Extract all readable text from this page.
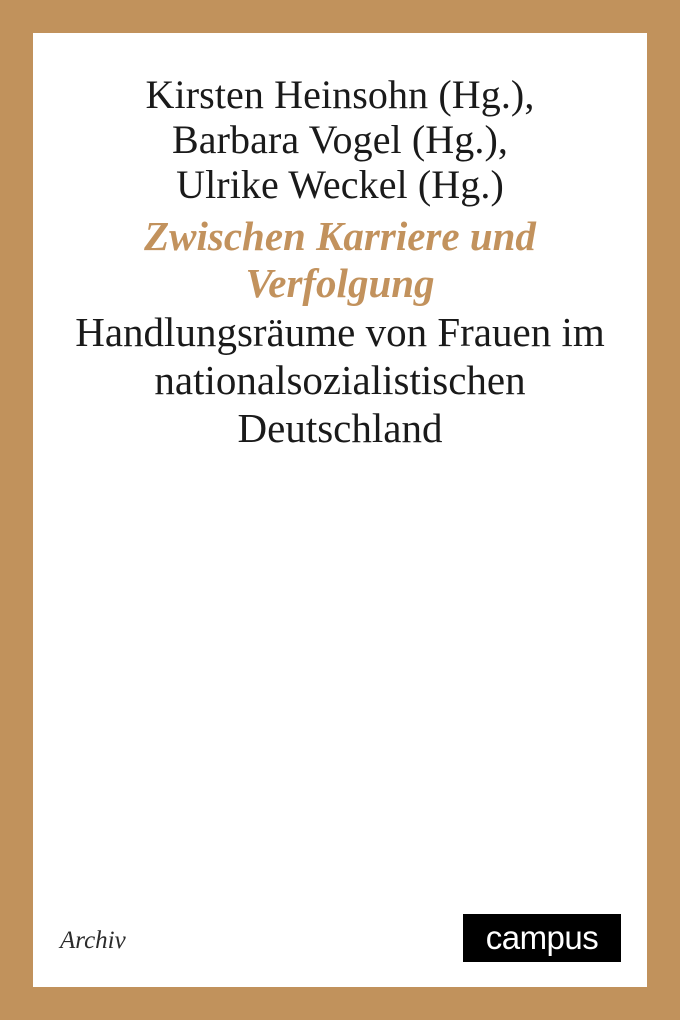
Kirsten Heinsohn (Hg.),
Barbara Vogel (Hg.),
Ulrike Weckel (Hg.)
Zwischen Karriere und Verfolgung
Handlungsräume von Frauen im nationalsozialistischen Deutschland
Archiv	campus
